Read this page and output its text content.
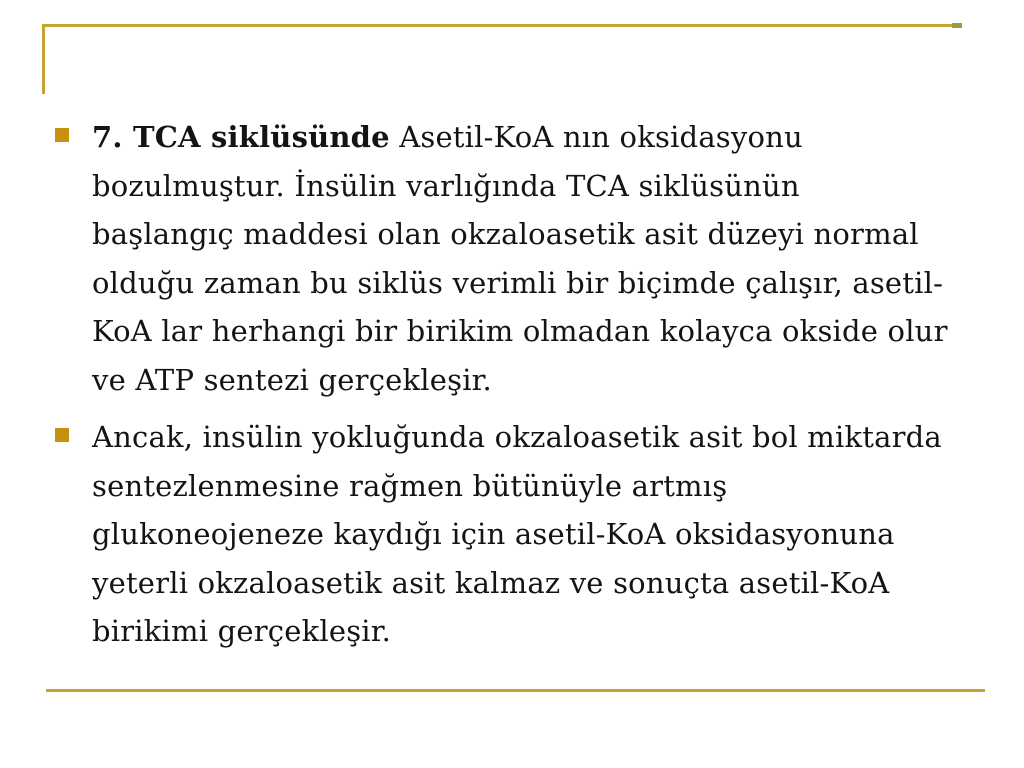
7. TCA siklüsünde Asetil-KoA nın oksidasyonu
bozulmuştur. İnsülin varlığında TCA siklüsünün
başlangıç maddesi olan okzaloasetik asit düzeyi normal
olduğu zaman bu siklüs verimli bir biçimde çalışır, asetil-
KoA lar herhangi bir birikim olmadan kolayca okside olur
ve ATP sentezi gerçekleşir.
Ancak, insülin yokluğunda okzaloasetik asit bol miktarda
sentezlenmesine rağmen bütünüyle artmış
glukoneojeneze kaydığı için asetil-KoA oksidasyonuna
yeterli okzaloasetik asit kalmaz ve sonuçta asetil-KoA
birikimi gerçekleşir.
